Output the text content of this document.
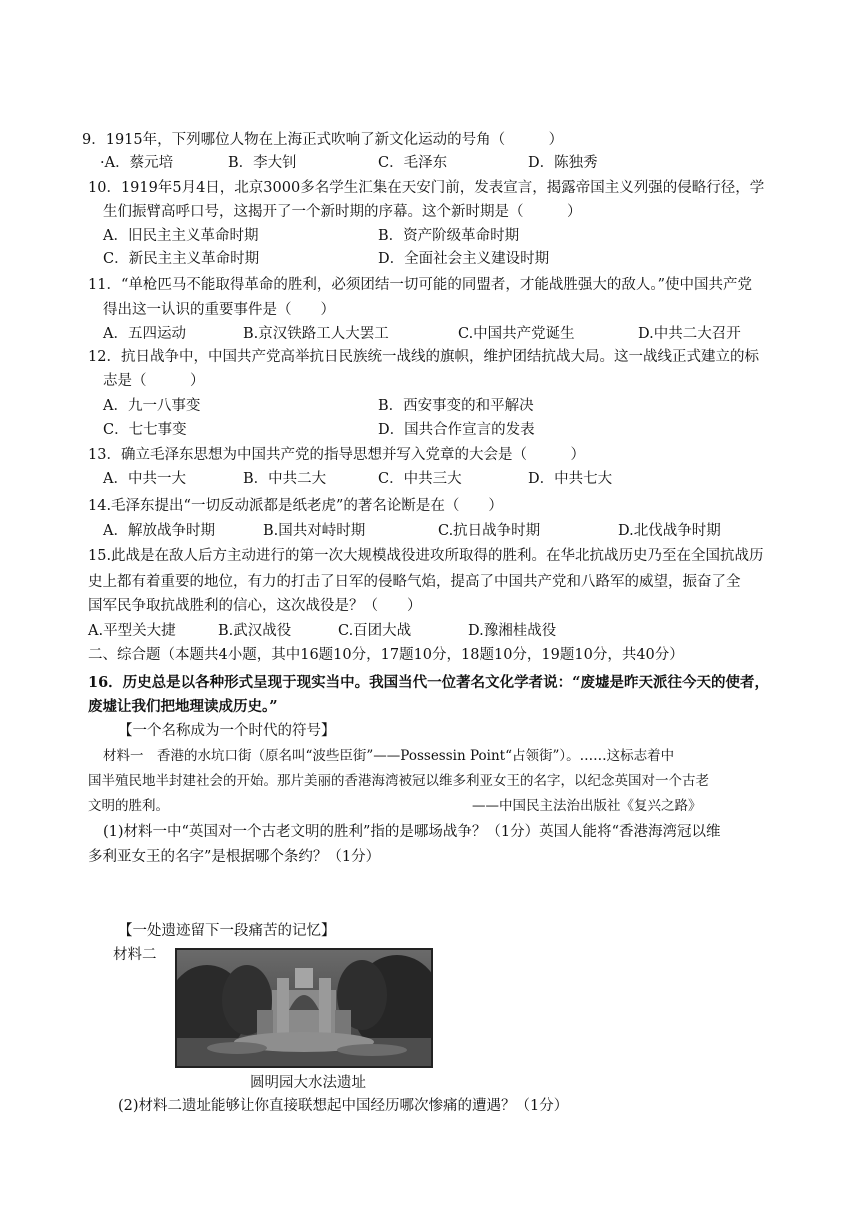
9．1915年，下列哪位人物在上海正式吹响了新文化运动的号角（　　　）
·A．蔡元培	B．李大钊	C．毛泽东	D．陈独秀
10．1919年5月4日，北京3000多名学生汇集在天安门前，发表宣言，揭露帝国主义列强的侵略行径，学
生们振臂高呼口号，这揭开了一个新时期的序幕。这个新时期是（　　　）
A．旧民主主义革命时期	B．资产阶级革命时期
C．新民主主义革命时期	D．全面社会主义建设时期
11．“单枪匹马不能取得革命的胜利，必须团结一切可能的同盟者，才能战胜强大的敌人。”使中国共产党
得出这一认识的重要事件是（　　）
A．五四运动	B.京汉铁路工人大罢工	C.中国共产党诞生	D.中共二大召开
12．抗日战争中，中国共产党高举抗日民族统一战线的旗帜，维护团结抗战大局。这一战线正式建立的标
志是（　　　）
A．九一八事变	B．西安事变的和平解决
C．七七事变	D．国共合作宣言的发表
13．确立毛泽东思想为中国共产党的指导思想并写入党章的大会是（　　　）
A．中共一大	B．中共二大	C．中共三大	D．中共七大
14.毛泽东提出“一切反动派都是纸老虎”的著名论断是在（　　）
A．解放战争时期	B.国共对峙时期	C.抗日战争时期	D.北伐战争时期
15.此战是在敌人后方主动进行的第一次大规模战役进攻所取得的胜利。在华北抗战历史乃至在全国抗战历
史上都有着重要的地位，有力的打击了日军的侵略气焰，提高了中国共产党和八路军的威望，振奋了全
国军民争取抗战胜利的信心，这次战役是？（　　）
A.平型关大捷	B.武汉战役	C.百团大战	D.豫湘桂战役
二、综合题（本题共4小题，其中16题10分，17题10分，18题10分，19题10分，共40分）
16．历史总是以各种形式呈现于现实当中。我国当代一位著名文化学者说：“废墟是昨天派往今天的使者，
废墟让我们把地理读成历史。”
【一个名称成为一个时代的符号】
材料一　香港的水坑口街（原名叫“波些臣街”——Possessin Point“占领街”）。……这标志着中
国半殖民地半封建社会的开始。那片美丽的香港海湾被冠以维多利亚女王的名字，以纪念英国对一个古老
文明的胜利。	——中国民主法治出版社《复兴之路》
(1)材料一中“英国对一个古老文明的胜利”指的是哪场战争？（1分）英国人能将“香港海湾冠以维
多利亚女王的名字”是根据哪个条约？（1分）
【一处遗迹留下一段痛苦的记忆】
材料二
圆明园大水法遗址
(2)材料二遗址能够让你直接联想起中国经历哪次惨痛的遭遇？（1分）
